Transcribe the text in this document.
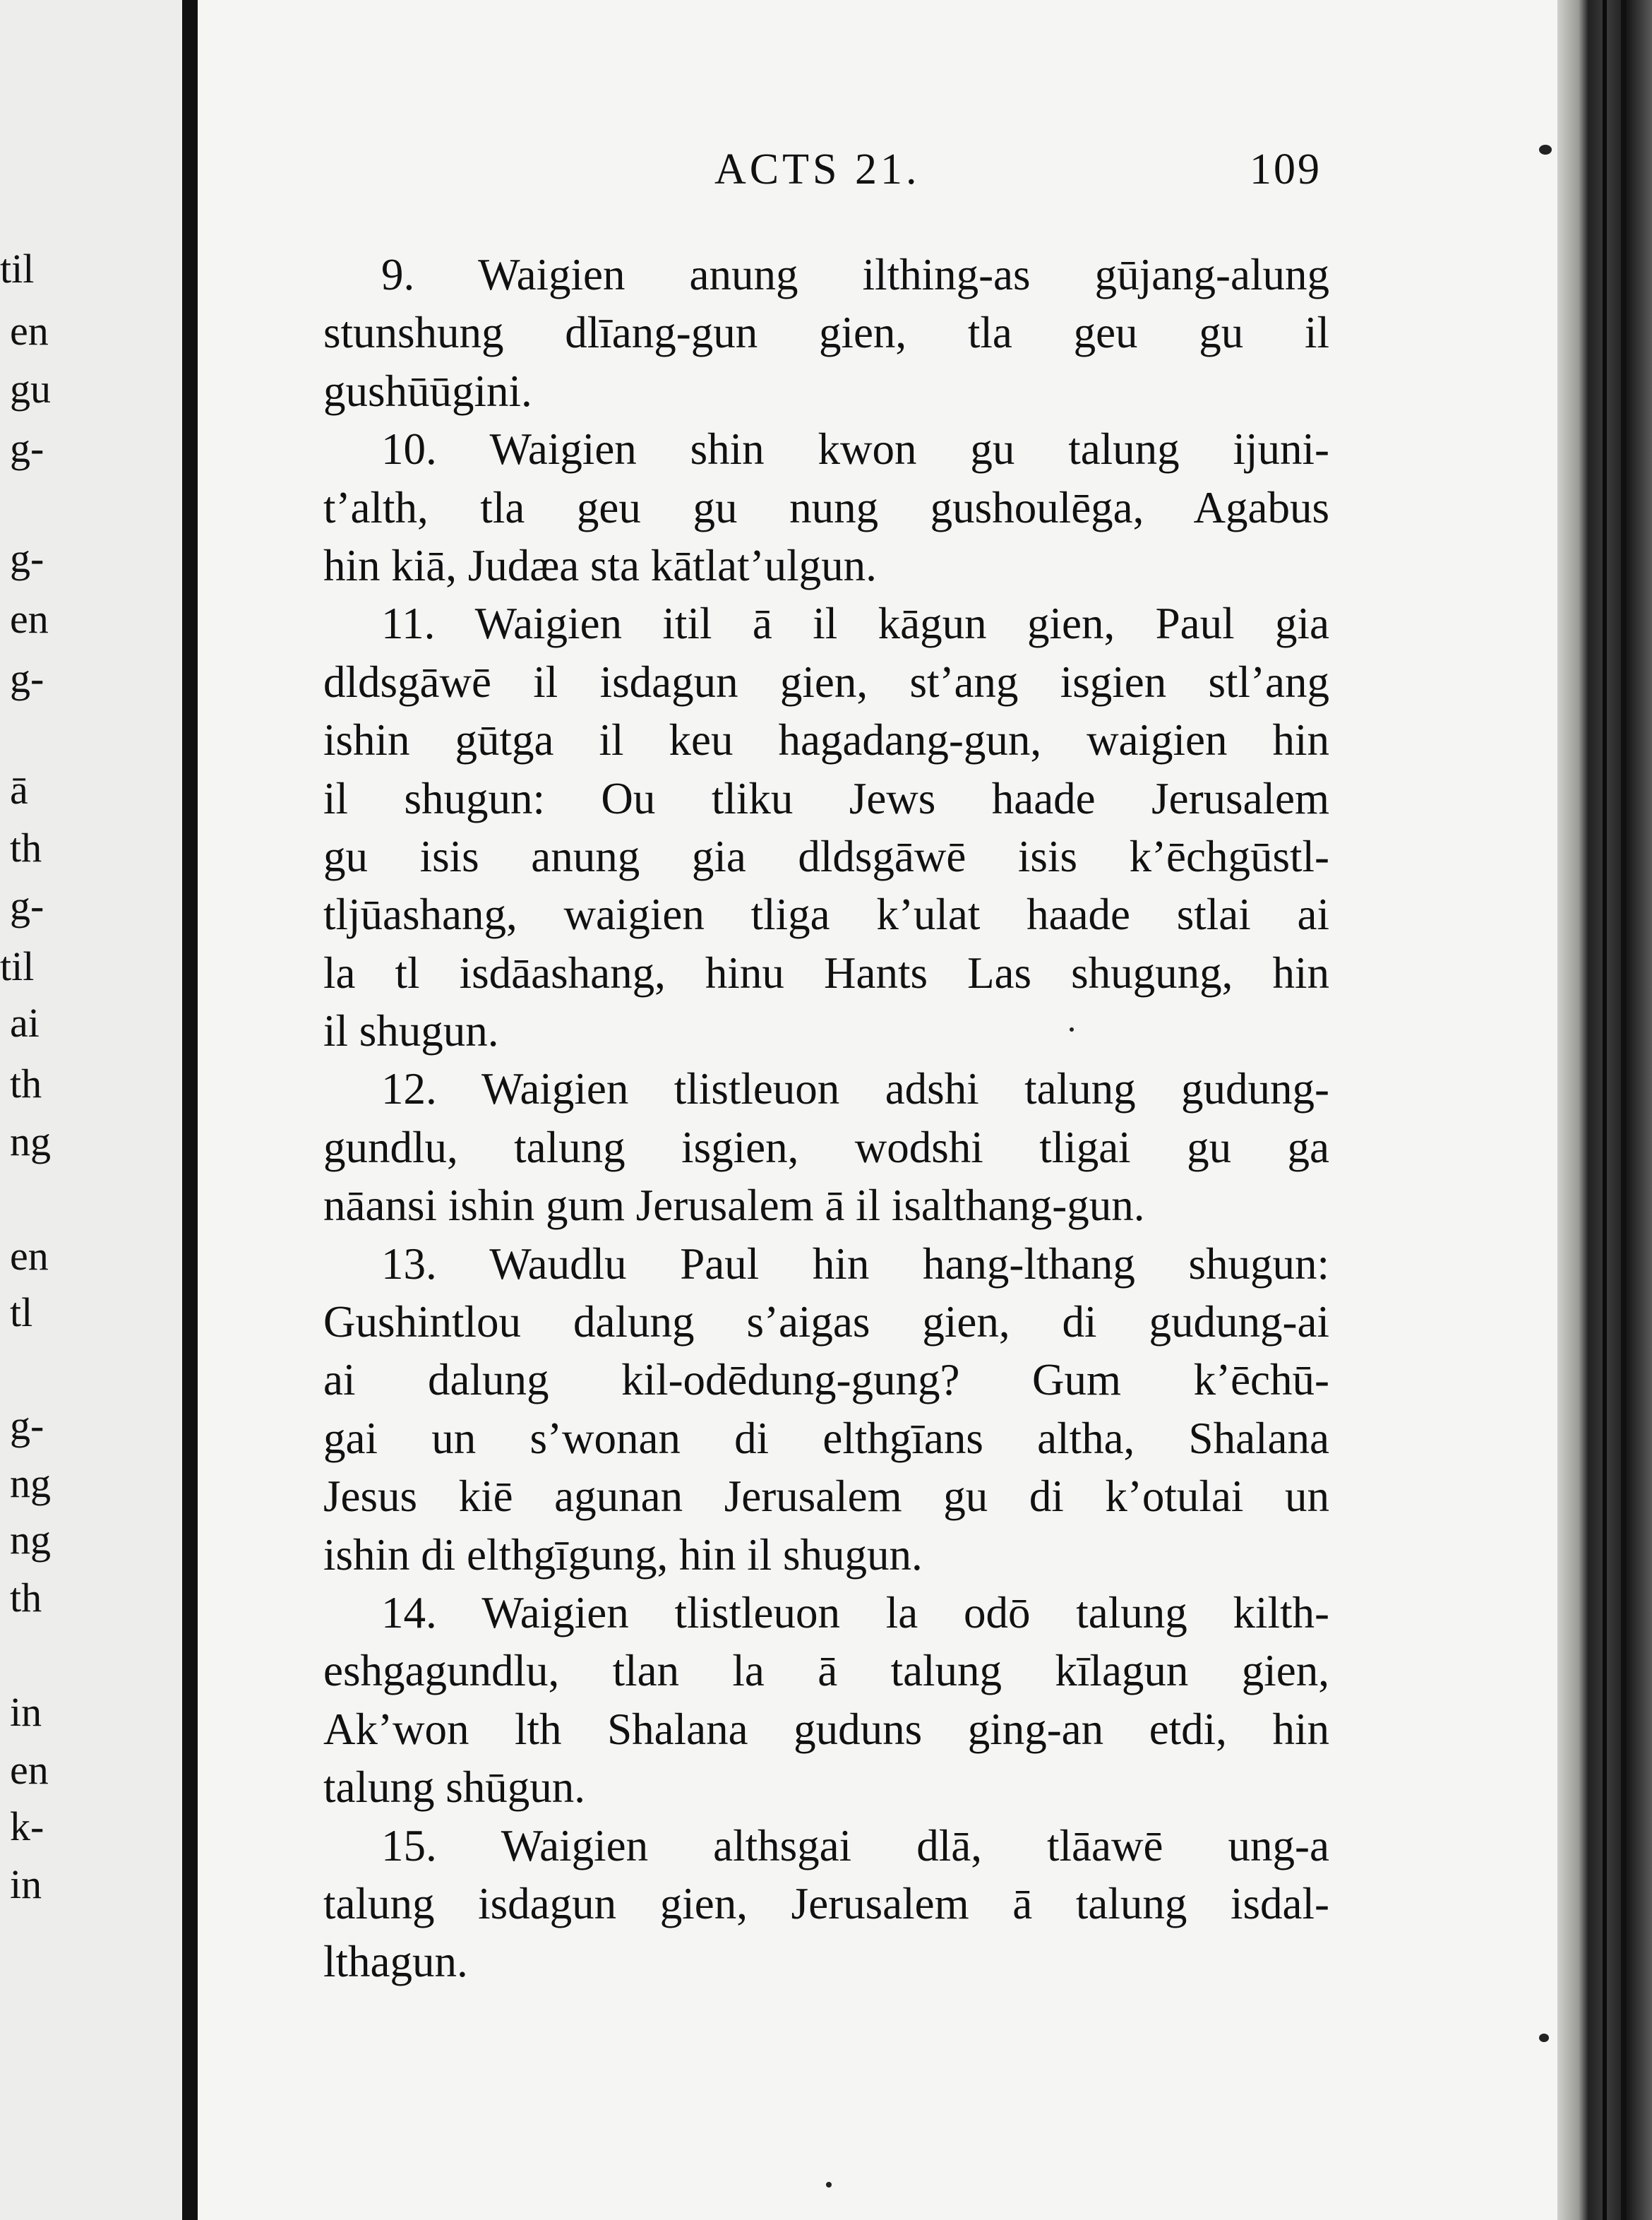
til
en
gu
g-
g-
en
g-
ā
th
g-
til
ai
th
ng
en
tl
g-
ng
ng
th
in
en
k-
in
ACTS 21.	109
9. Waigien anung ilthing-as gūjang-alung
stunshung dlīang-gun gien, tla geu gu il
gushūūgini.
10. Waigien shin kwon gu talung ijuni-
t’alth, tla geu gu nung gushoulēga, Agabus
hin kiā, Judæa sta kātlat’ulgun.
11. Waigien itil ā il kāgun gien, Paul gia
dldsgāwē il isdagun gien, st’ang isgien stl’ang
ishin gūtga il keu hagadang-gun, waigien hin
il shugun: Ou tliku Jews haade Jerusalem
gu isis anung gia dldsgāwē isis k’ēchgūstl-
tljūashang, waigien tliga k’ulat haade stlai ai
la tl isdāashang, hinu Hants Las shugung, hin
il shugun.
12. Waigien tlistleuon adshi talung gudung-
gundlu, talung isgien, wodshi tligai gu ga
nāansi ishin gum Jerusalem ā il isalthang-gun.
13. Waudlu Paul hin hang-lthang shugun:
Gushintlou dalung s’aigas gien, di gudung-ai
ai dalung kil-odēdung-gung? Gum k’ēchū-
gai un s’wonan di elthgīans altha, Shalana
Jesus kiē agunan Jerusalem gu di k’otulai un
ishin di elthgīgung, hin il shugun.
14. Waigien tlistleuon la odō talung kilth-
eshgagundlu, tlan la ā talung kīlagun gien,
Ak’won lth Shalana guduns ging-an etdi, hin
talung shūgun.
15. Waigien althsgai dlā, tlāawē ung-a
talung isdagun gien, Jerusalem ā talung isdal-
lthagun.
